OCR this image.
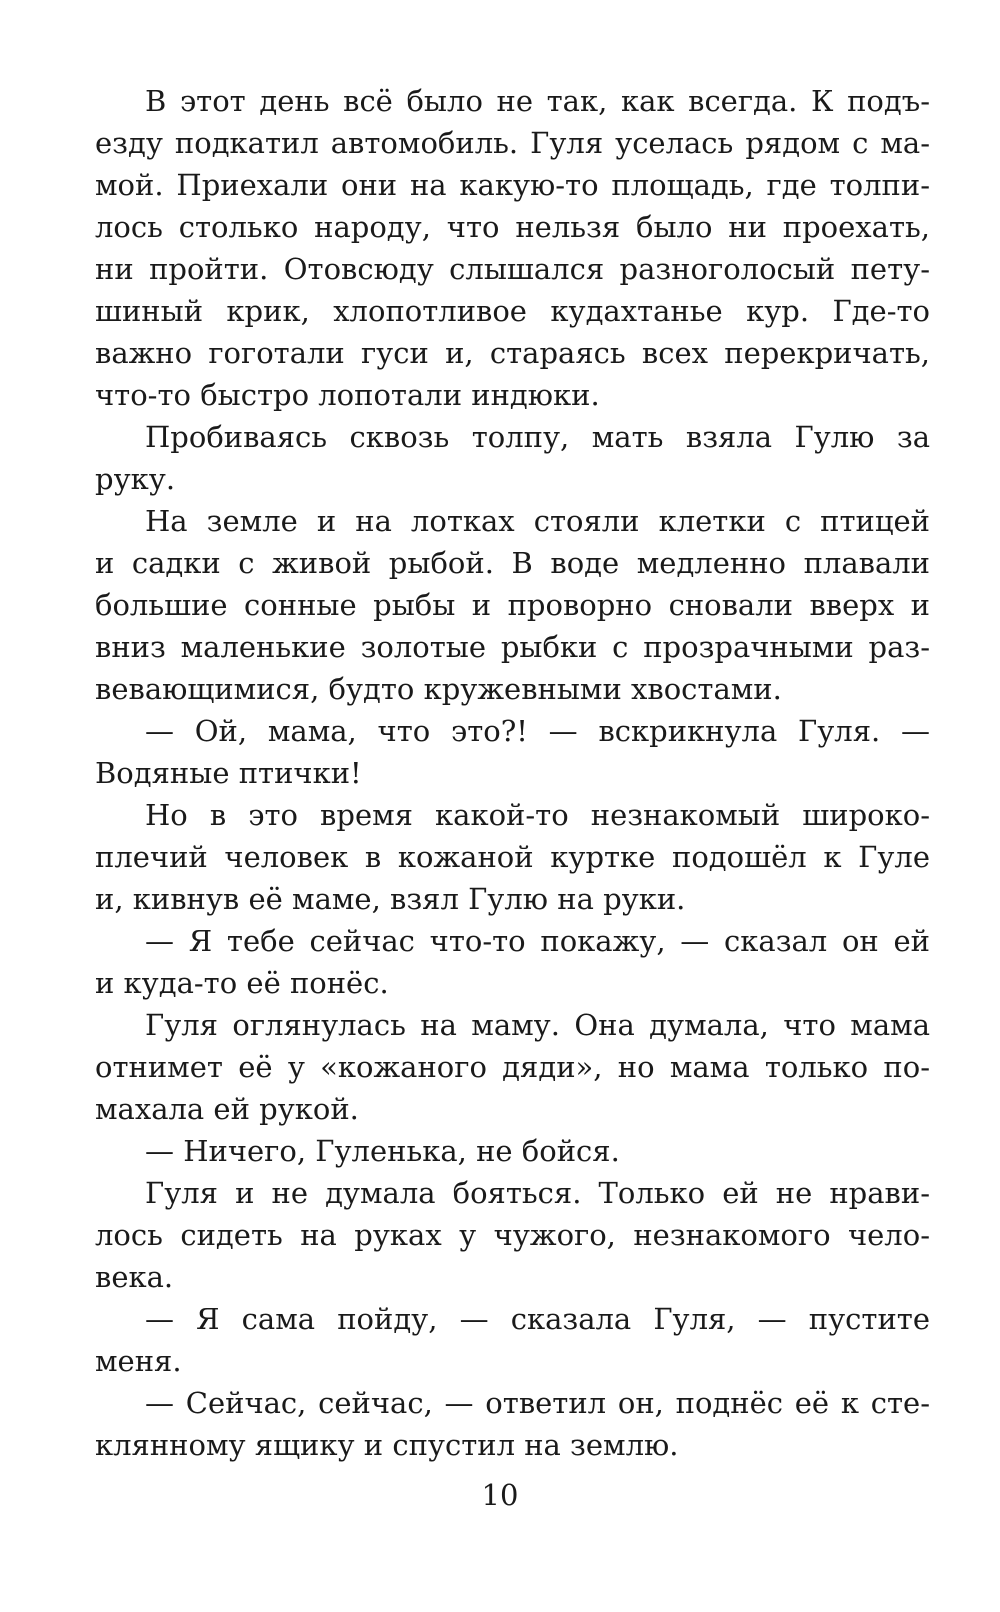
В этот день всё было не так, как всегда. К подъ-
езду подкатил автомобиль. Гуля уселась рядом с ма-
мой. Приехали они на какую-то площадь, где толпи-
лось столько народу, что нельзя было ни проехать,
ни пройти. Отовсюду слышался разноголосый пету-
шиный крик, хлопотливое кудахтанье кур. Где-то
важно гоготали гуси и, стараясь всех перекричать,
что-то быстро лопотали индюки.
Пробиваясь сквозь толпу, мать взяла Гулю за
руку.
На земле и на лотках стояли клетки с птицей
и садки с живой рыбой. В воде медленно плавали
большие сонные рыбы и проворно сновали вверх и
вниз маленькие золотые рыбки с прозрачными раз-
вевающимися, будто кружевными хвостами.
— Ой, мама, что это?! — вскрикнула Гуля. —
Водяные птички!
Но в это время какой-то незнакомый широко-
плечий человек в кожаной куртке подошёл к Гуле
и, кивнув её маме, взял Гулю на руки.
— Я тебе сейчас что-то покажу, — сказал он ей
и куда-то её понёс.
Гуля оглянулась на маму. Она думала, что мама
отнимет её у «кожаного дяди», но мама только по-
махала ей рукой.
— Ничего, Гуленька, не бойся.
Гуля и не думала бояться. Только ей не нрави-
лось сидеть на руках у чужого, незнакомого чело-
века.
— Я сама пойду, — сказала Гуля, — пустите
меня.
— Сейчас, сейчас, — ответил он, поднёс её к сте-
клянному ящику и спустил на землю.
10
